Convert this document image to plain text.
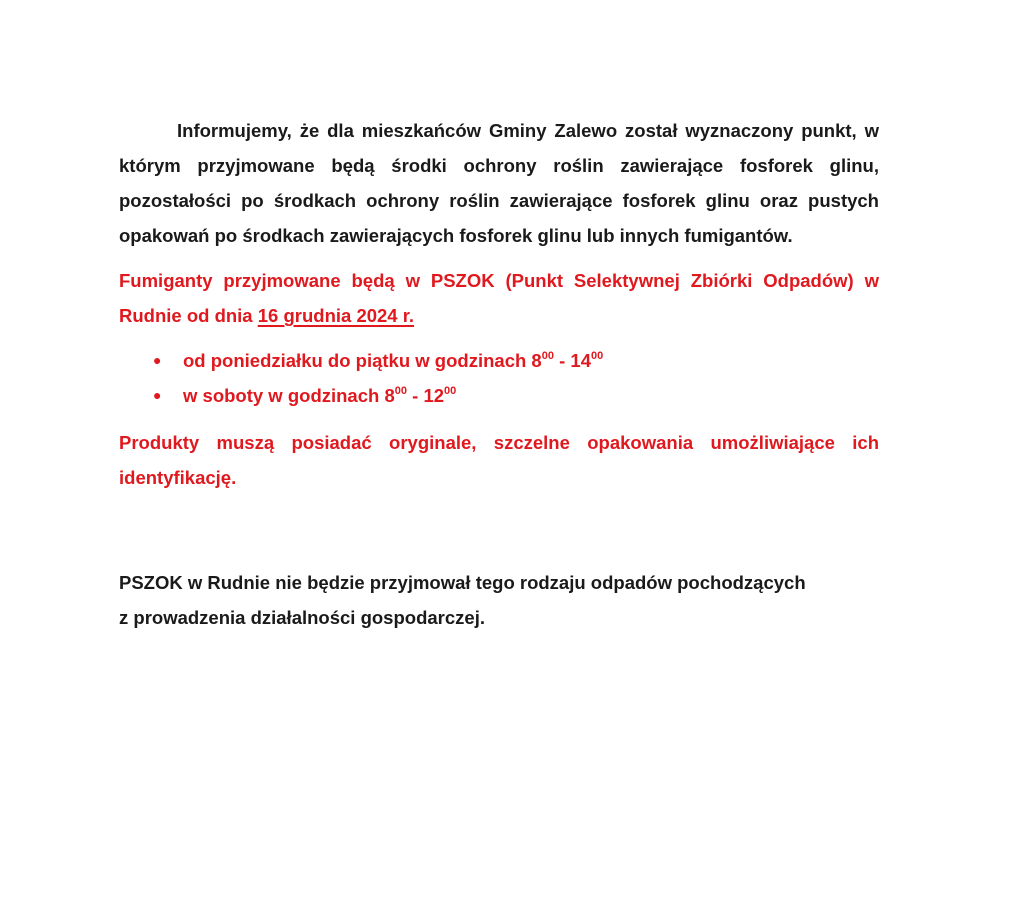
Informujemy, że dla mieszkańców Gminy Zalewo został wyznaczony punkt, w którym przyjmowane będą środki ochrony roślin zawierające fosforek glinu, pozostałości po środkach ochrony roślin zawierające fosforek glinu oraz pustych opakowań po środkach zawierających fosforek glinu lub innych fumigantów.

Fumiganty przyjmowane będą w PSZOK (Punkt Selektywnej Zbiórki Odpadów) w Rudnie od dnia 16 grudnia 2024 r.

● od poniedziałku do piątku w godzinach $8^{00} - 14^{00}$
● w soboty w godzinach $8^{00} - 12^{00}$

Produkty muszą posiadać oryginale, szczelne opakowania umożliwiające ich identyfikację.

PSZOK w Rudnie nie będzie przyjmował tego rodzaju odpadów pochodzących
z prowadzenia działalności gospodarczej.
